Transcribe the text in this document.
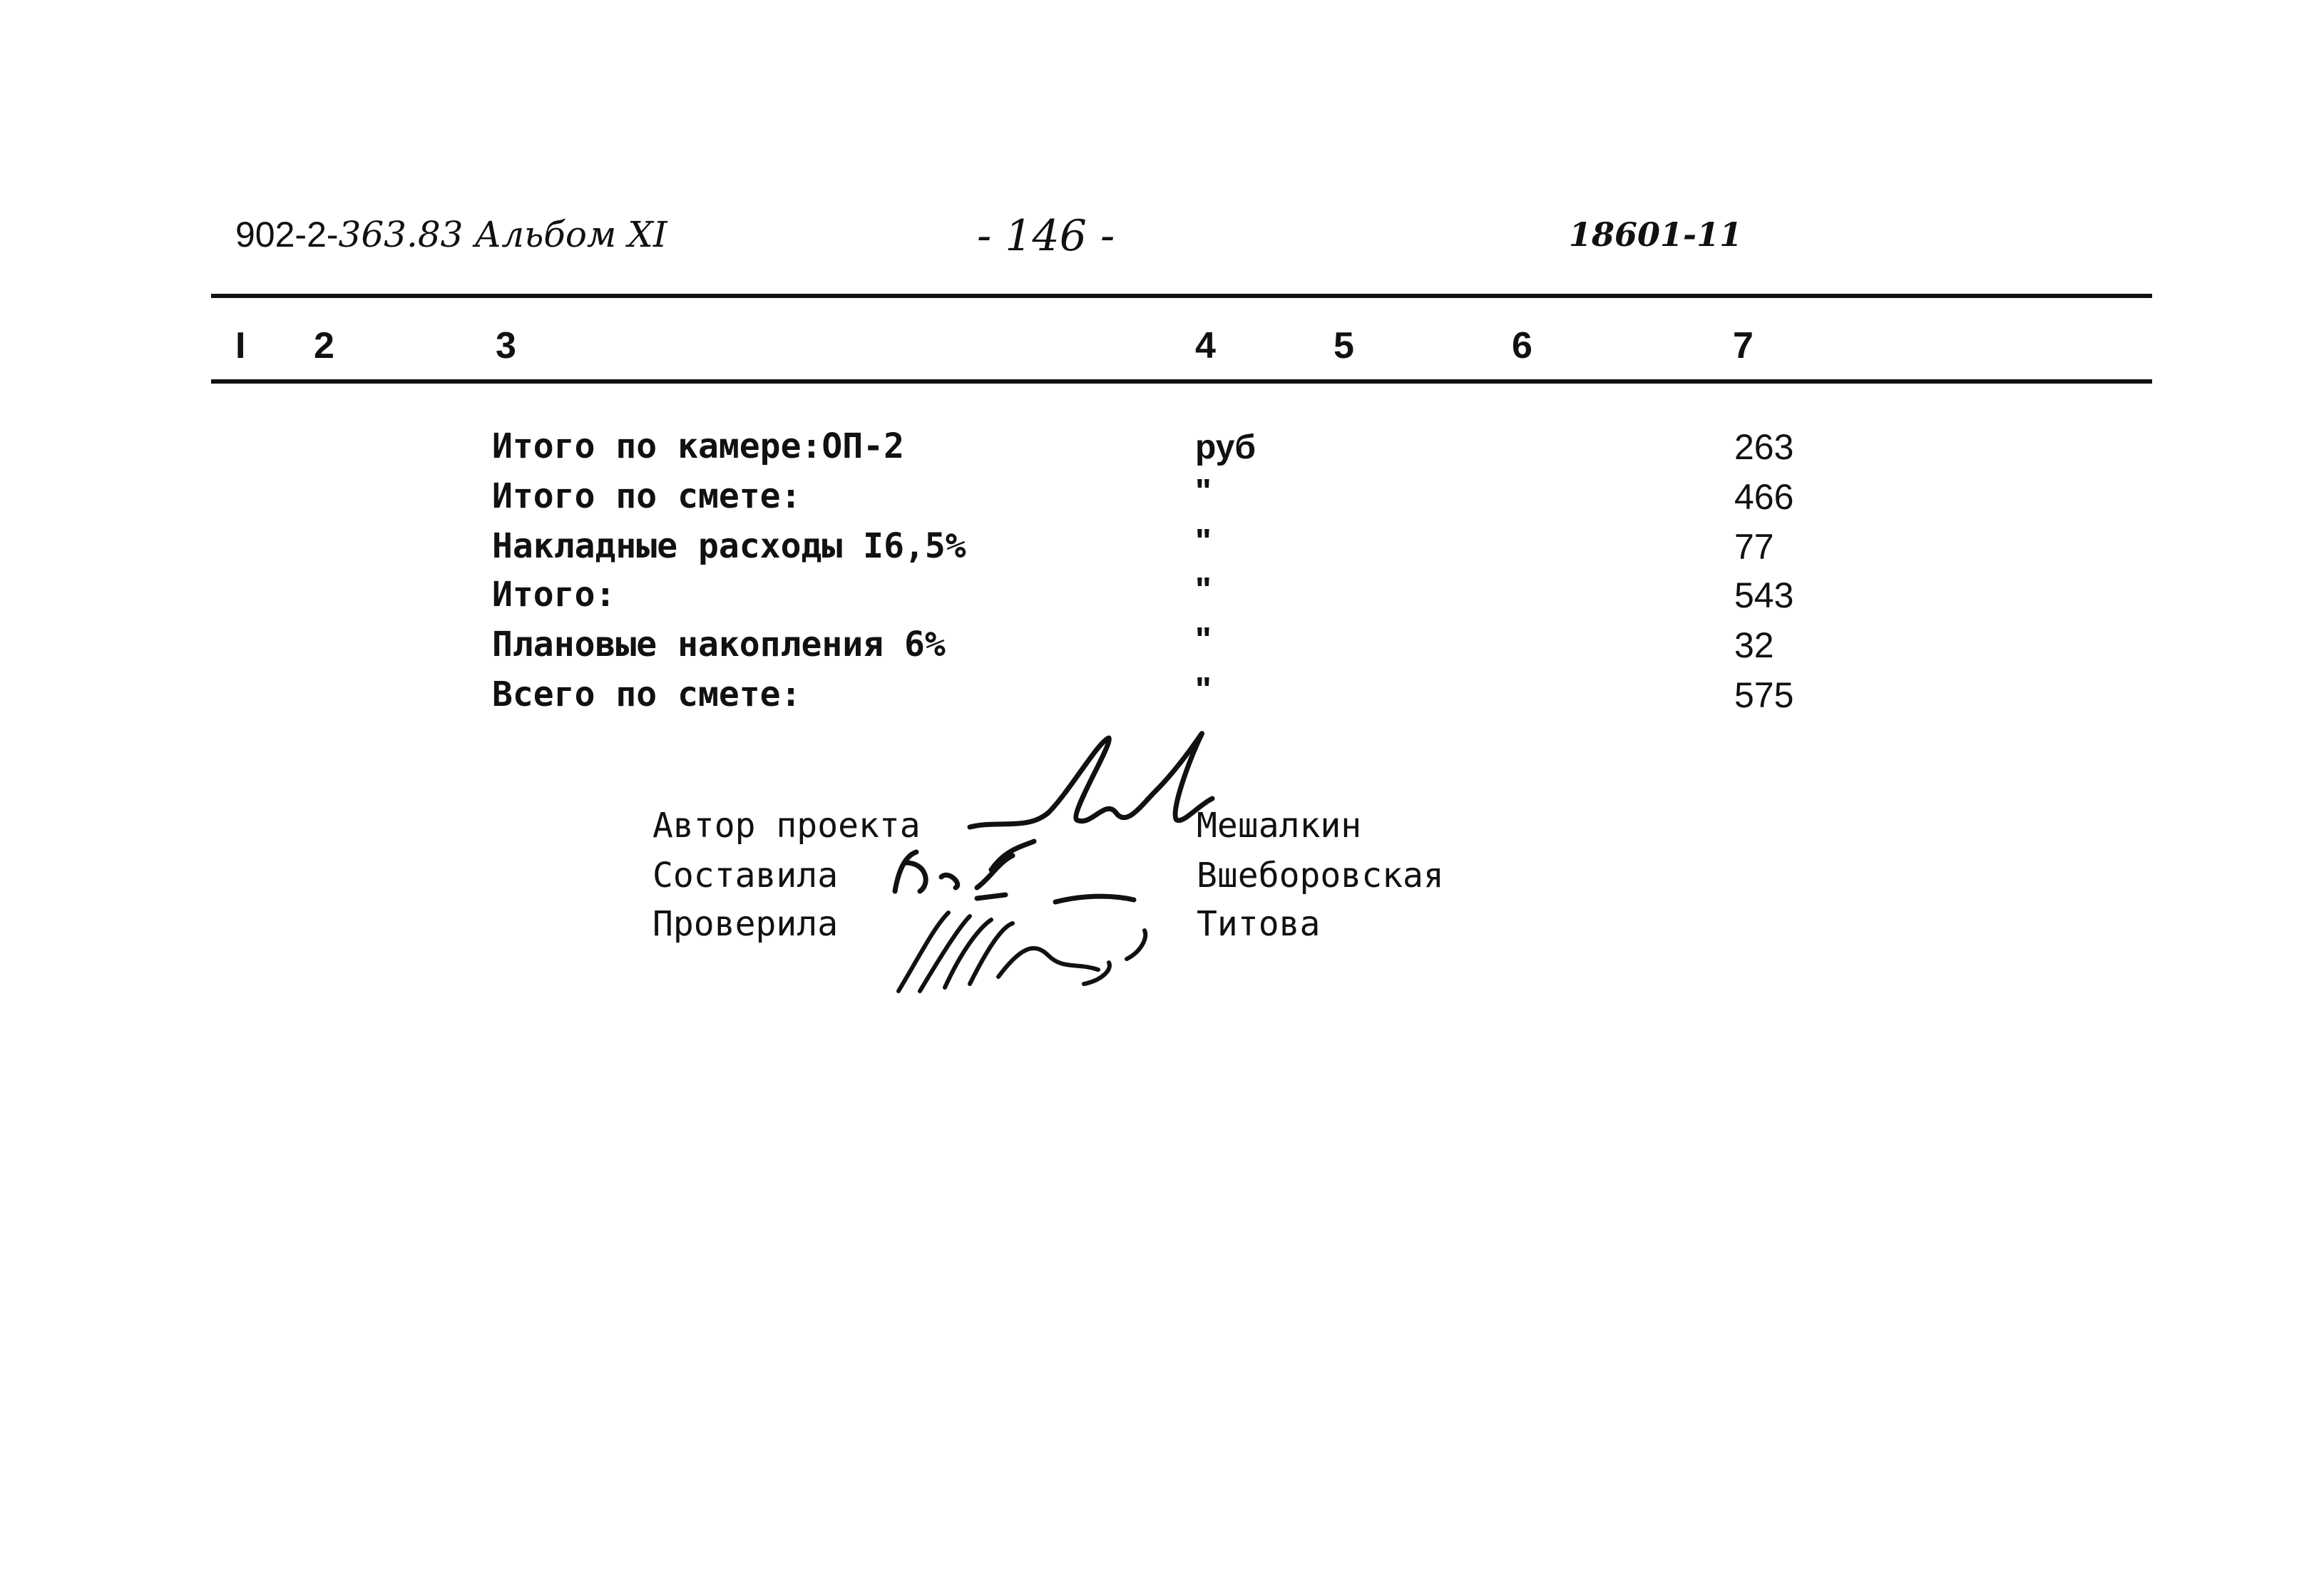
902-2-363.83 Альбом XI	- 146 -	18601-11
I 2	3	4	5	6	7
Итого по камере:ОП-2	руб	263
Итого по смете:	"	466
Накладные расходы I6,5%	"	77
Итого:	"	543
Плановые накопления 6%	"	32
Всего по смете:	"	575
Автор проекта	Мешалкин
Составила	Вшеборовская
Проверила	Титова
